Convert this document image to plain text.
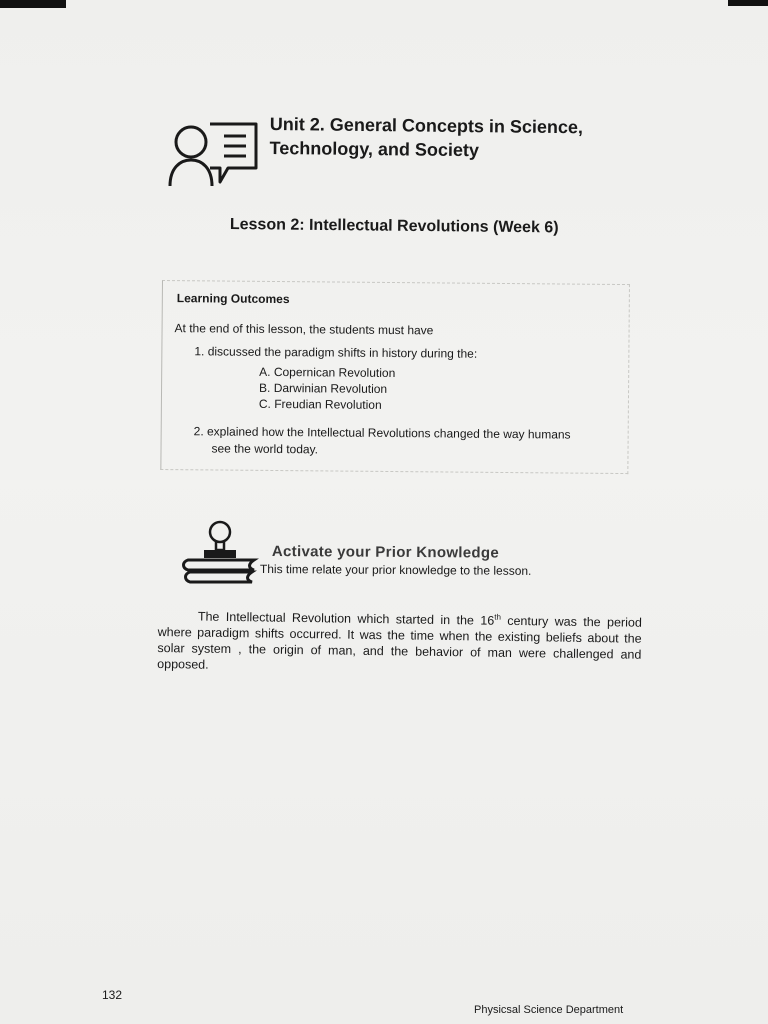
Unit 2. General Concepts in Science,
Technology, and Society
Lesson 2: Intellectual Revolutions (Week 6)
Learning Outcomes
At the end of this lesson, the students must have
1. discussed the paradigm shifts in history during the:
A. Copernican Revolution
B. Darwinian Revolution
C. Freudian Revolution
2. explained how the Intellectual Revolutions changed the way humans
see the world today.
Activate your Prior Knowledge
This time relate your prior knowledge to the lesson.
The Intellectual Revolution which started in the 16th century was the period where paradigm shifts occurred. It was the time when the existing beliefs about the solar system , the origin of man, and the behavior of man were challenged and opposed.
132
Physicsal Science Department
